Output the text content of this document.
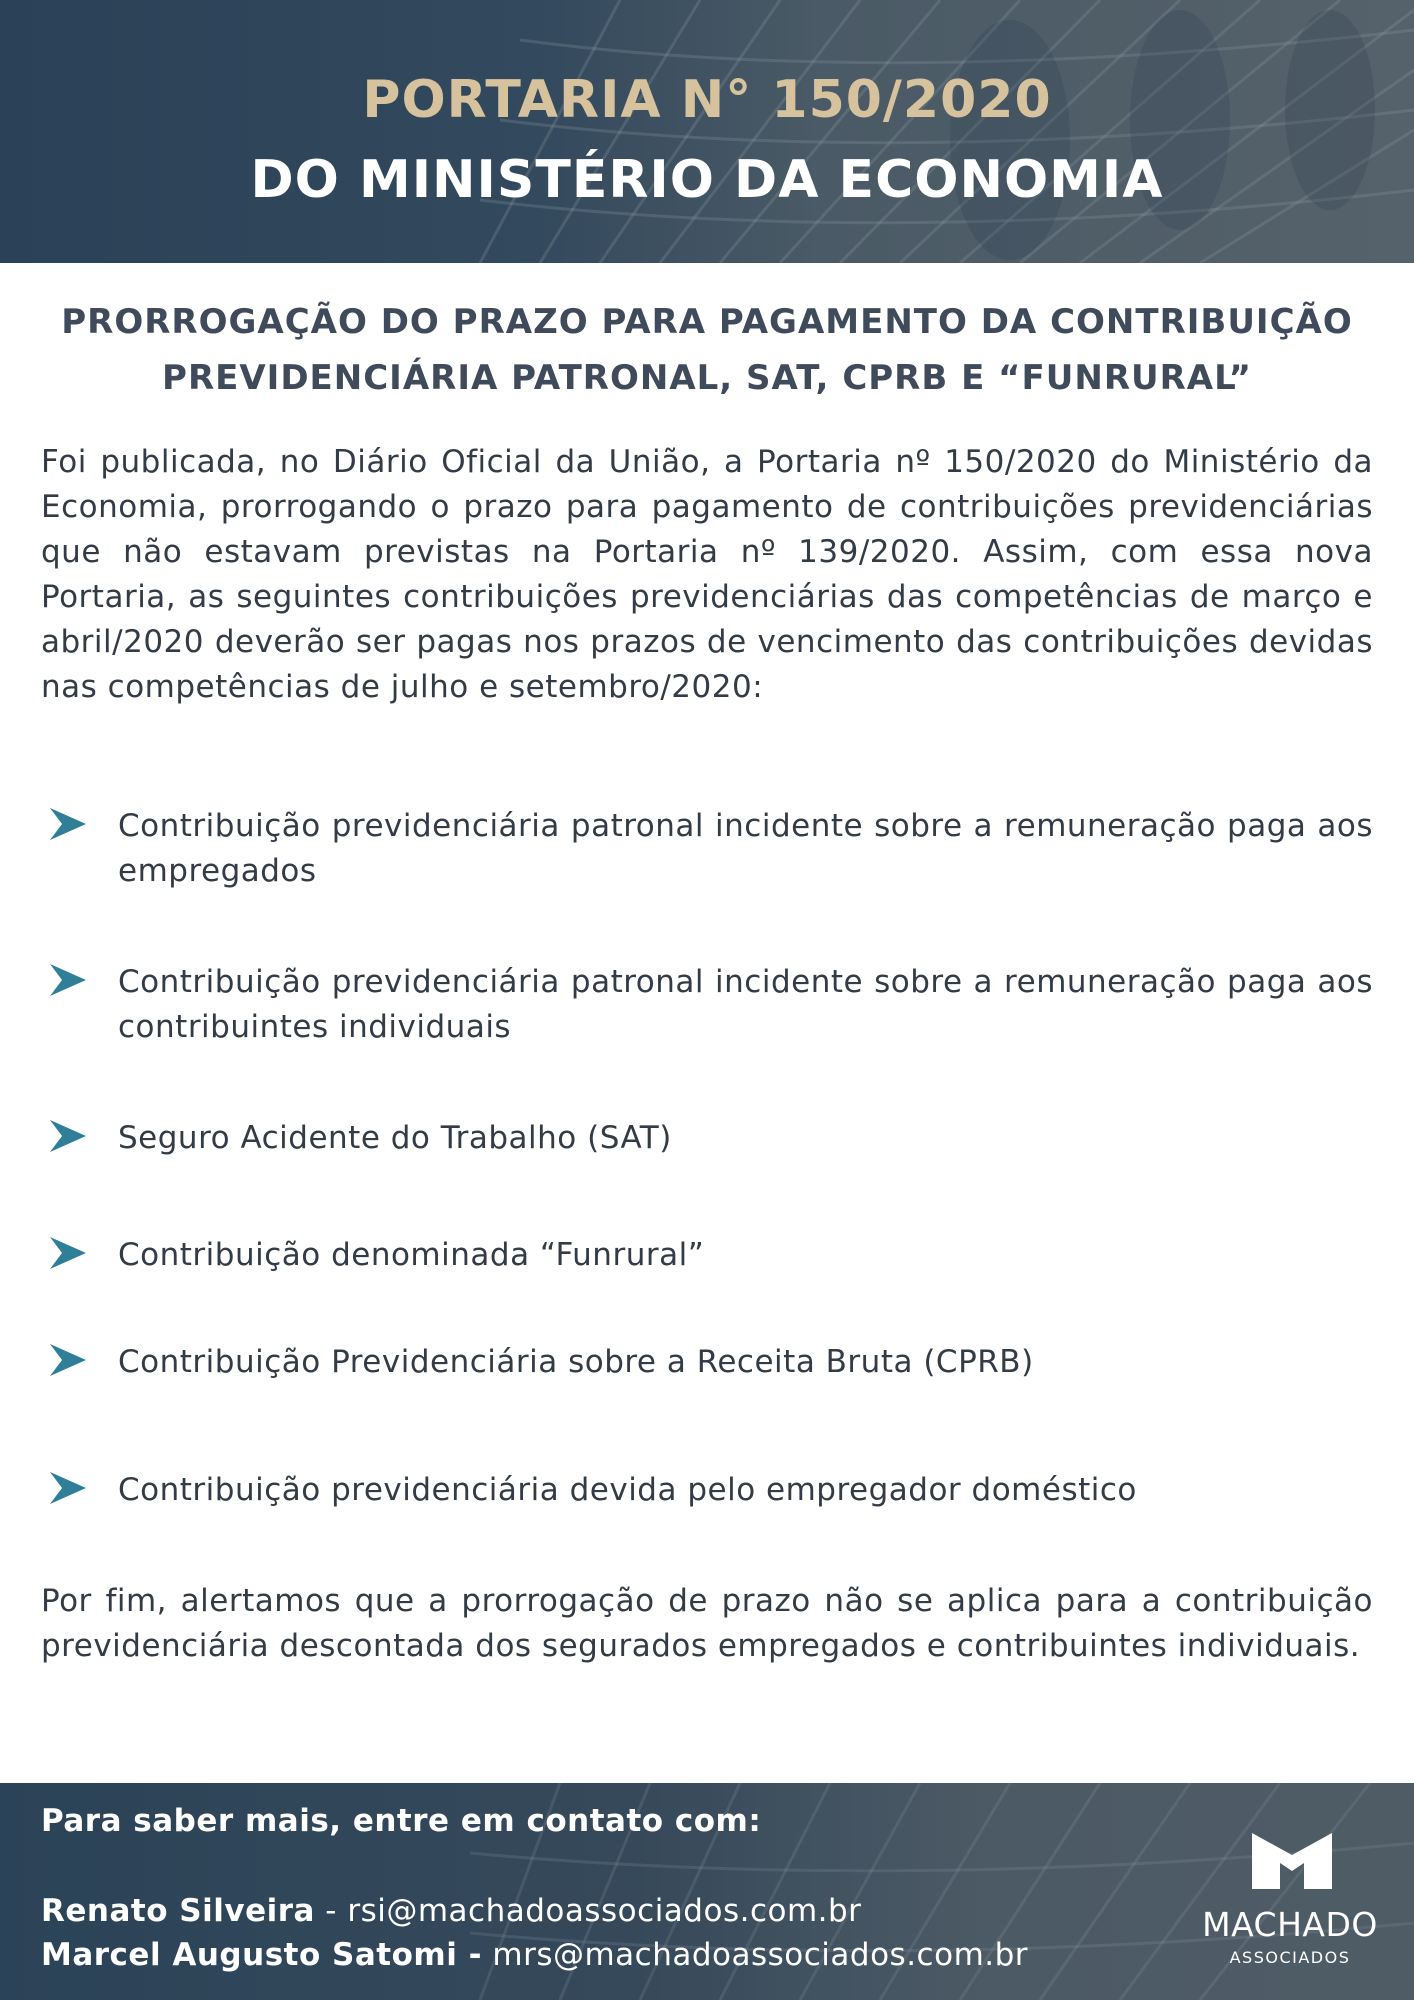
PORTARIA N° 150/2020
DO MINISTÉRIO DA ECONOMIA
PRORROGAÇÃO DO PRAZO PARA PAGAMENTO DA CONTRIBUIÇÃO
PREVIDENCIÁRIA PATRONAL, SAT, CPRB E “FUNRURAL”
Foi publicada, no Diário Oficial da União, a Portaria nº 150/2020 do Ministério da Economia, prorrogando o prazo para pagamento de contribuições previdenciárias que não estavam previstas na Portaria nº 139/2020. Assim, com essa nova Portaria, as seguintes contribuições previdenciárias das competências de março e abril/2020 deverão ser pagas nos prazos de vencimento das contribuições devidas nas competências de julho e setembro/2020:
Contribuição previdenciária patronal incidente sobre a remuneração paga aos empregados
Contribuição previdenciária patronal incidente sobre a remuneração paga aos contribuintes individuais
Seguro Acidente do Trabalho (SAT)
Contribuição denominada “Funrural”
Contribuição Previdenciária sobre a Receita Bruta (CPRB)
Contribuição previdenciária devida pelo empregador doméstico
Por fim, alertamos que a prorrogação de prazo não se aplica para a contribuição previdenciária descontada dos segurados empregados e contribuintes individuais.
Para saber mais, entre em contato com:
Renato Silveira - rsi@machadoassociados.com.br
Marcel Augusto Satomi - mrs@machadoassociados.com.br
MACHADO
ASSOCIADOS
